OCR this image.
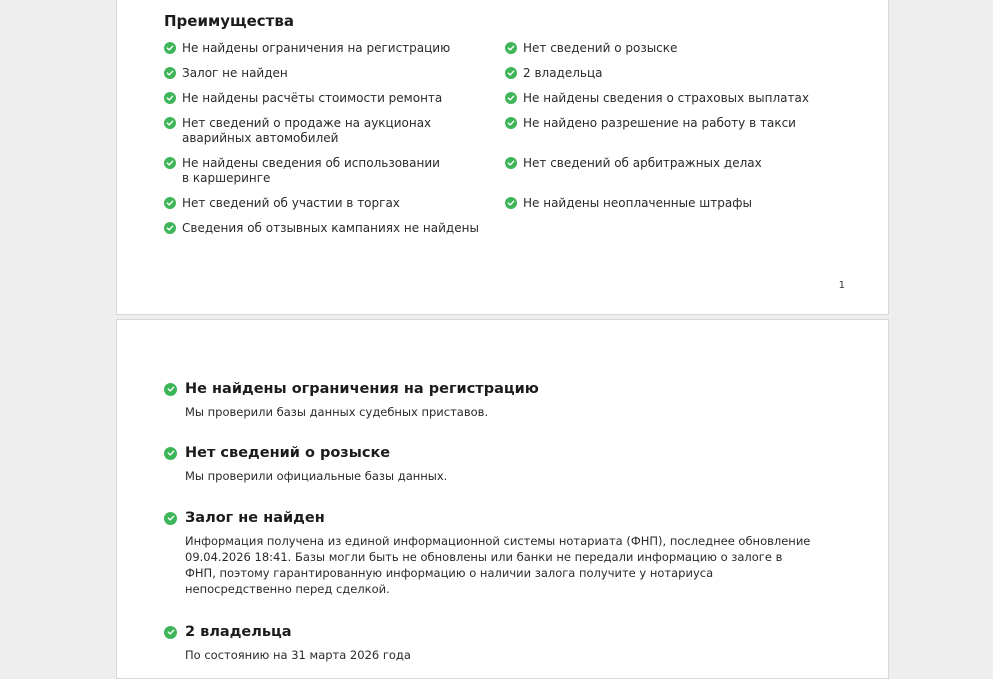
Преимущества
Не найдены ограничения на регистрацию
Залог не найден
Не найдены расчёты стоимости ремонта
Нет сведений о продаже на аукционах аварийных автомобилей
Не найдены сведения об использовании в каршеринге
Нет сведений об участии в торгах
Сведения об отзывных кампаниях не найдены
Нет сведений о розыске
2 владельца
Не найдены сведения о страховых выплатах
Не найдено разрешение на работу в такси
Нет сведений об арбитражных делах
Не найдены неоплаченные штрафы
1
Не найдены ограничения на регистрацию
Мы проверили базы данных судебных приставов.
Нет сведений о розыске
Мы проверили официальные базы данных.
Залог не найден
Информация получена из единой информационной системы нотариата (ФНП), последнее обновление 09.04.2026 18:41. Базы могли быть не обновлены или банки не передали информацию о залоге в ФНП, поэтому гарантированную информацию о наличии залога получите у нотариуса непосредственно перед сделкой.
2 владельца
По состоянию на 31 марта 2026 года
